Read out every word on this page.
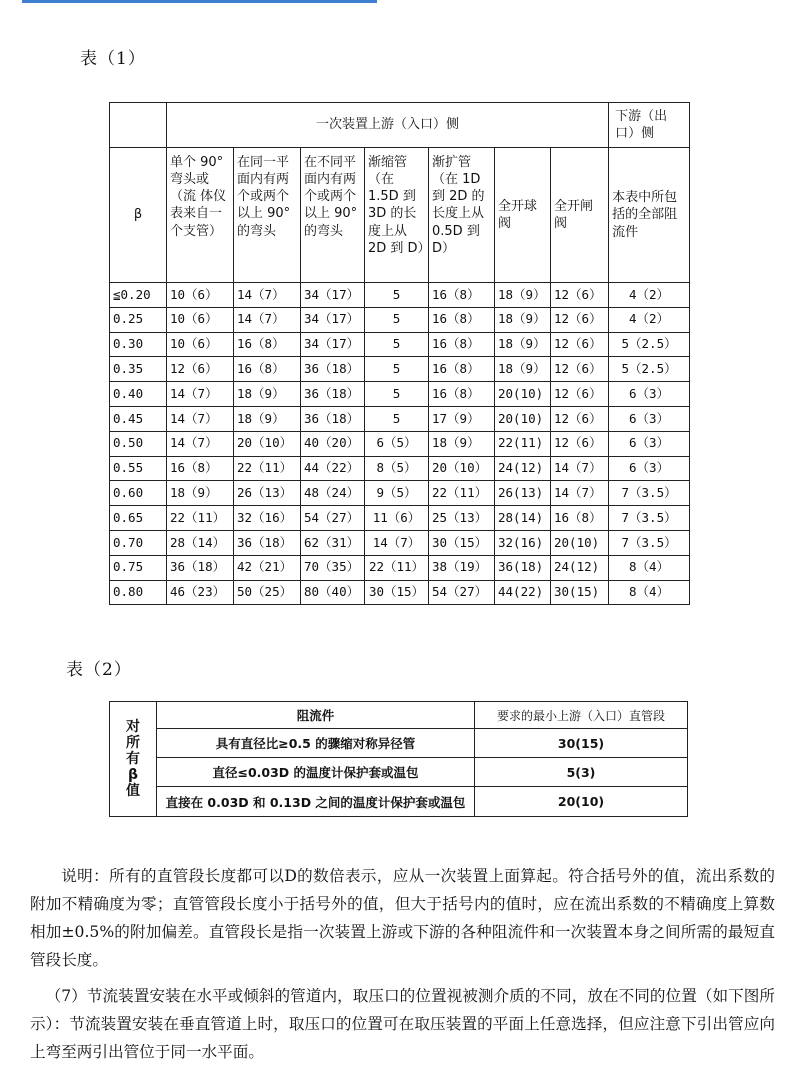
表（1）
	一次装置上游（入口）侧							下游（出口）侧
β	单个 90°弯头或（流 体仪表来自一个支管）	在同一平面内有两个或两个以上 90°的弯头	在不同平面内有两个或两个以上 90°的弯头	渐缩管（在 1.5D 到 3D 的长度上从 2D 到 D）	渐扩管（在 1D 到 2D 的长度上从 0.5D 到 D）	全开球阀	全开闸阀	本表中所包括的全部阻流件
≦0.20	10（6）	14（7）	34（17）	5	16（8）	18（9）	12（6）	4（2）
0.25	10（6）	14（7）	34（17）	5	16（8）	18（9）	12（6）	4（2）
0.30	10（6）	16（8）	34（17）	5	16（8）	18（9）	12（6）	5（2.5）
0.35	12（6）	16（8）	36（18）	5	16（8）	18（9）	12（6）	5（2.5）
0.40	14（7）	18（9）	36（18）	5	16（8）	20(10)	12（6）	6（3）
0.45	14（7）	18（9）	36（18）	5	17（9）	20(10)	12（6）	6（3）
0.50	14（7）	20（10）	40（20）	6（5）	18（9）	22(11)	12（6）	6（3）
0.55	16（8）	22（11）	44（22）	8（5）	20（10）	24(12)	14（7）	6（3）
0.60	18（9）	26（13）	48（24）	9（5）	22（11）	26(13)	14（7）	7（3.5）
0.65	22（11）	32（16）	54（27）	11（6）	25（13）	28(14)	16（8）	7（3.5）
0.70	28（14）	36（18）	62（31）	14（7）	30（15）	32(16)	20(10)	7（3.5）
0.75	36（18）	42（21）	70（35）	22（11）	38（19）	36(18)	24(12)	8（4）
0.80	46（23）	50（25）	80（40）	30（15）	54（27）	44(22)	30(15)	8（4）
表（2）
对
所
有
β
值	阻流件	要求的最小上游（入口）直管段
	具有直径比≥0.5 的骤缩对称异径管	30(15)
	直径≤0.03D 的温度计保护套或温包	5(3)
	直接在 0.03D 和 0.13D 之间的温度计保护套或温包	20(10)

说明：所有的直管段长度都可以D的数倍表示，应从一次装置上面算起。符合括号外的值，流出系数的附加不精确度为零；直管管段长度小于括号外的值，但大于括号内的值时，应在流出系数的不精确度上算数相加±0.5%的附加偏差。直管段长是指一次装置上游或下游的各种阻流件和一次装置本身之间所需的最短直管段长度。

（7）节流装置安装在水平或倾斜的管道内，取压口的位置视被测介质的不同，放在不同的位置（如下图所示）：节流装置安装在垂直管道上时，取压口的位置可在取压装置的平面上任意选择，但应注意下引出管应向上弯至两引出管位于同一水平面。
